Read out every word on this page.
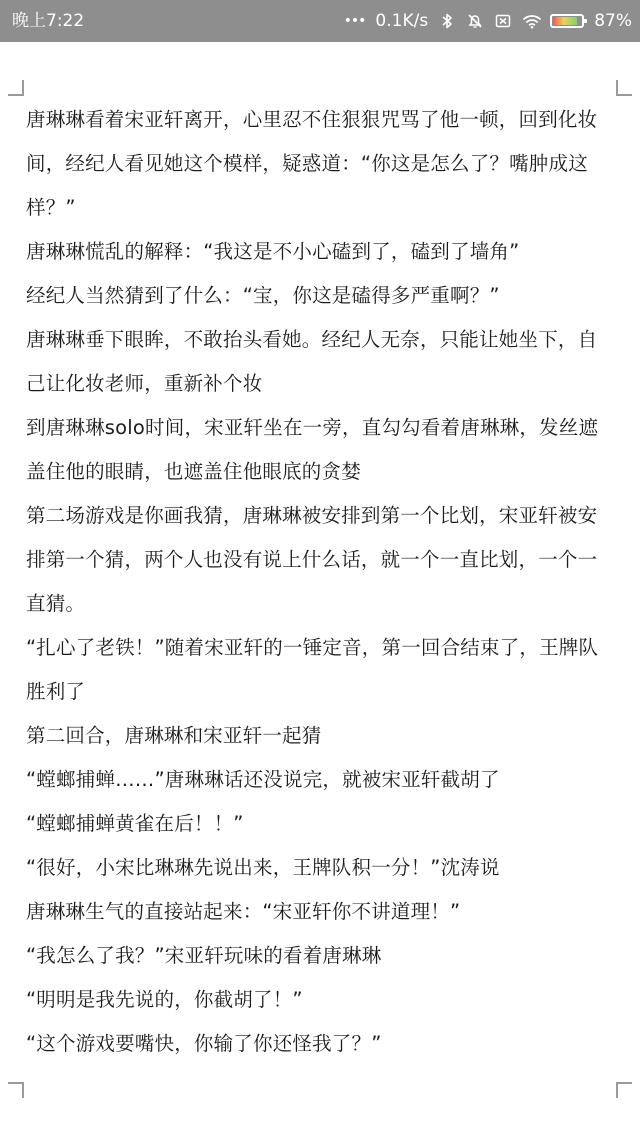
晚上7:22	••• 0.1K/s	87%

唐琳琳看着宋亚轩离开，心里忍不住狠狠咒骂了他一顿，回到化妆间，经纪人看见她这个模样，疑惑道：“你这是怎么了？嘴肿成这样？”

唐琳琳慌乱的解释：“我这是不小心磕到了，磕到了墙角”

经纪人当然猜到了什么：“宝，你这是磕得多严重啊？”

唐琳琳垂下眼眸，不敢抬头看她。经纪人无奈，只能让她坐下，自己让化妆老师，重新补个妆

到唐琳琳solo时间，宋亚轩坐在一旁，直勾勾看着唐琳琳，发丝遮盖住他的眼睛，也遮盖住他眼底的贪婪

第二场游戏是你画我猜，唐琳琳被安排到第一个比划，宋亚轩被安排第一个猜，两个人也没有说上什么话，就一个一直比划，一个一直猜。

“扎心了老铁！”随着宋亚轩的一锤定音，第一回合结束了，王牌队胜利了

第二回合，唐琳琳和宋亚轩一起猜

“螳螂捕蝉……”唐琳琳话还没说完，就被宋亚轩截胡了

“螳螂捕蝉黄雀在后！！”

“很好，小宋比琳琳先说出来，王牌队积一分！”沈涛说

唐琳琳生气的直接站起来：“宋亚轩你不讲道理！”

“我怎么了我？”宋亚轩玩味的看着唐琳琳

“明明是我先说的，你截胡了！”

“这个游戏要嘴快，你输了你还怪我了？”
